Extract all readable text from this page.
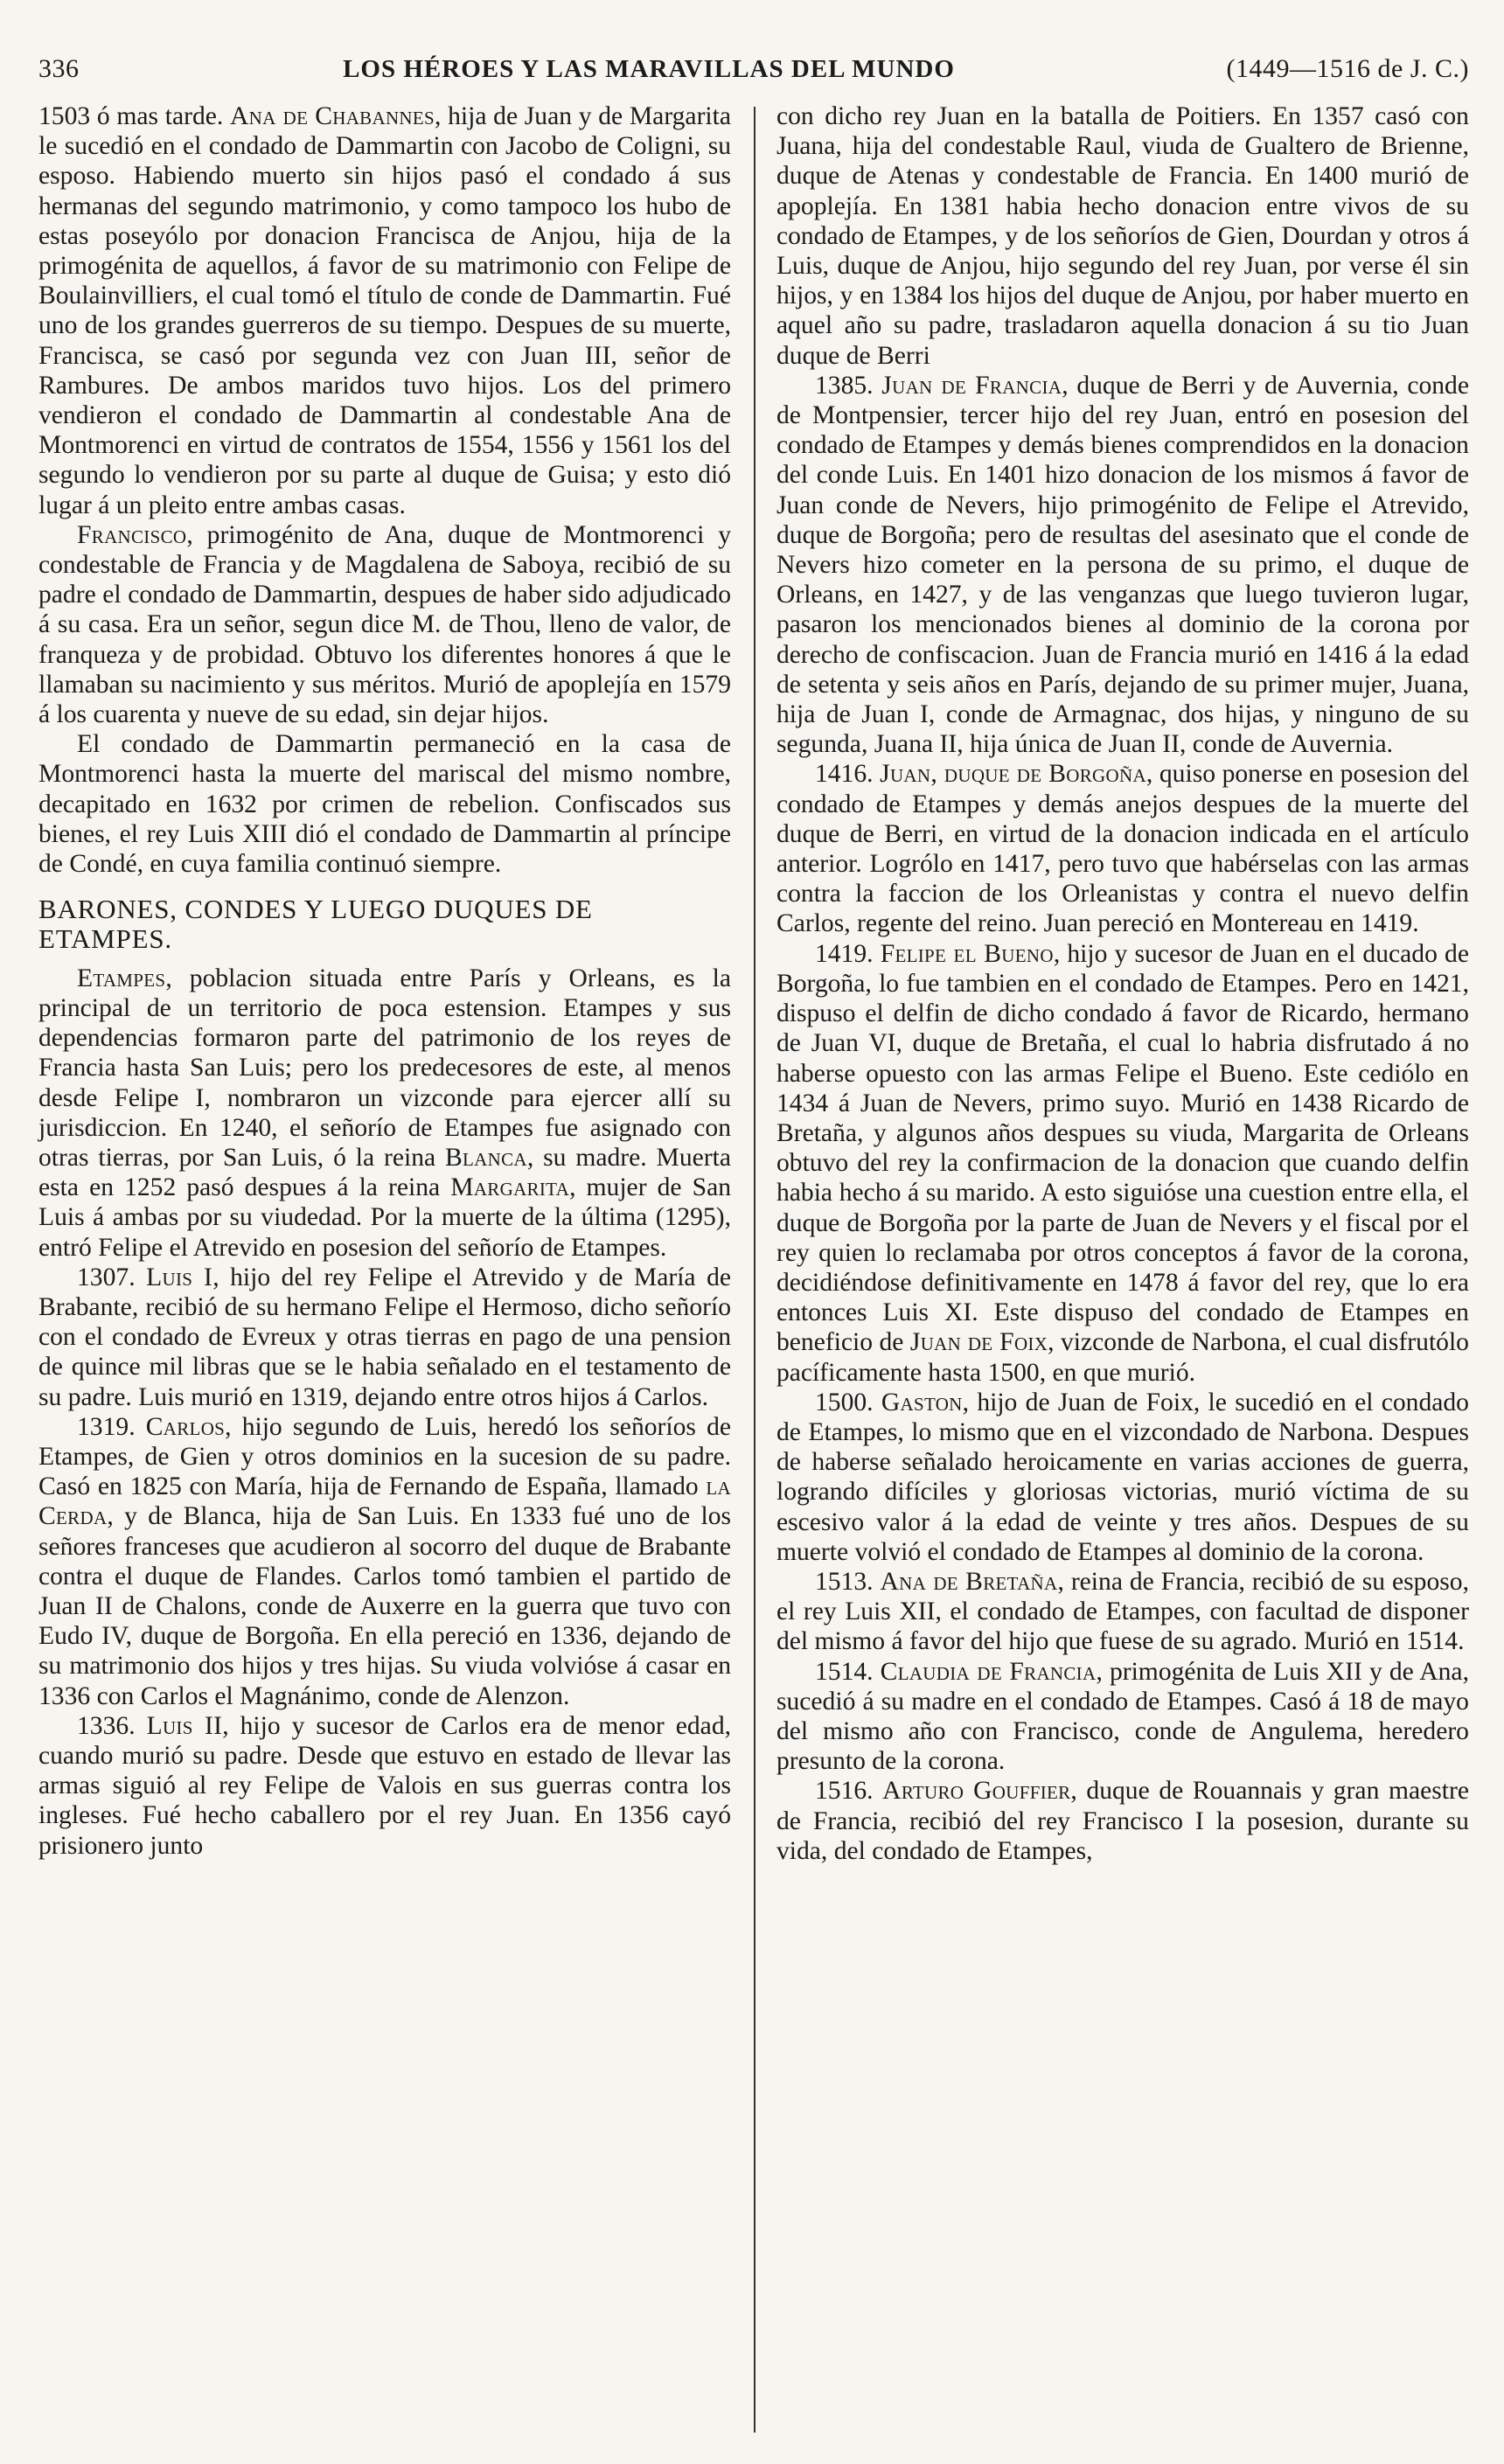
336	LOS HÉROES Y LAS MARAVILLAS DEL MUNDO	(1449—1516 de J. C.)

1503 ó mas tarde. Ana de Chabannes, hija de Juan y de Margarita le sucedió en el condado de Dammartin con Jacobo de Coligni, su esposo. Habiendo muerto sin hijos pasó el condado á sus hermanas del segundo matrimonio, y como tampoco los hubo de estas poseyólo por donacion Francisca de Anjou, hija de la primogénita de aquellos, á favor de su matrimonio con Felipe de Boulainvilliers, el cual tomó el título de conde de Dammartin. Fué uno de los grandes guerreros de su tiempo. Despues de su muerte, Francisca, se casó por segunda vez con Juan III, señor de Rambures. De ambos maridos tuvo hijos. Los del primero vendieron el condado de Dammartin al condestable Ana de Montmorenci en virtud de contratos de 1554, 1556 y 1561 los del segundo lo vendieron por su parte al duque de Guisa; y esto dió lugar á un pleito entre ambas casas.

Francisco, primogénito de Ana, duque de Montmorenci y condestable de Francia y de Magdalena de Saboya, recibió de su padre el condado de Dammartin, despues de haber sido adjudicado á su casa. Era un señor, segun dice M. de Thou, lleno de valor, de franqueza y de probidad. Obtuvo los diferentes honores á que le llamaban su nacimiento y sus méritos. Murió de apoplejía en 1579 á los cuarenta y nueve de su edad, sin dejar hijos.

El condado de Dammartin permaneció en la casa de Montmorenci hasta la muerte del mariscal del mismo nombre, decapitado en 1632 por crimen de rebelion. Confiscados sus bienes, el rey Luis XIII dió el condado de Dammartin al príncipe de Condé, en cuya familia continuó siempre.

BARONES, CONDES Y LUEGO DUQUES DE ETAMPES.

Etampes, poblacion situada entre París y Orleans, es la principal de un territorio de poca estension. Etampes y sus dependencias formaron parte del patrimonio de los reyes de Francia hasta San Luis; pero los predecesores de este, al menos desde Felipe I, nombraron un vizconde para ejercer allí su jurisdiccion. En 1240, el señorío de Etampes fue asignado con otras tierras, por San Luis, ó la reina Blanca, su madre. Muerta esta en 1252 pasó despues á la reina Margarita, mujer de San Luis á ambas por su viudedad. Por la muerte de la última (1295), entró Felipe el Atrevido en posesion del señorío de Etampes.

1307. Luis I, hijo del rey Felipe el Atrevido y de María de Brabante, recibió de su hermano Felipe el Hermoso, dicho señorío con el condado de Evreux y otras tierras en pago de una pension de quince mil libras que se le habia señalado en el testamento de su padre. Luis murió en 1319, dejando entre otros hijos á Carlos.

1319. Carlos, hijo segundo de Luis, heredó los señoríos de Etampes, de Gien y otros dominios en la sucesion de su padre. Casó en 1825 con María, hija de Fernando de España, llamado la Cerda, y de Blanca, hija de San Luis. En 1333 fué uno de los señores franceses que acudieron al socorro del duque de Brabante contra el duque de Flandes. Carlos tomó tambien el partido de Juan II de Chalons, conde de Auxerre en la guerra que tuvo con Eudo IV, duque de Borgoña. En ella pereció en 1336, dejando de su matrimonio dos hijos y tres hijas. Su viuda volvióse á casar en 1336 con Carlos el Magnánimo, conde de Alenzon.

1336. Luis II, hijo y sucesor de Carlos era de menor edad, cuando murió su padre. Desde que estuvo en estado de llevar las armas siguió al rey Felipe de Valois en sus guerras contra los ingleses. Fué hecho caballero por el rey Juan. En 1356 cayó prisionero junto

con dicho rey Juan en la batalla de Poitiers. En 1357 casó con Juana, hija del condestable Raul, viuda de Gualtero de Brienne, duque de Atenas y condestable de Francia. En 1400 murió de apoplejía. En 1381 habia hecho donacion entre vivos de su condado de Etampes, y de los señoríos de Gien, Dourdan y otros á Luis, duque de Anjou, hijo segundo del rey Juan, por verse él sin hijos, y en 1384 los hijos del duque de Anjou, por haber muerto en aquel año su padre, trasladaron aquella donacion á su tio Juan duque de Berri

1385. Juan de Francia, duque de Berri y de Auvernia, conde de Montpensier, tercer hijo del rey Juan, entró en posesion del condado de Etampes y demás bienes comprendidos en la donacion del conde Luis. En 1401 hizo donacion de los mismos á favor de Juan conde de Nevers, hijo primogénito de Felipe el Atrevido, duque de Borgoña; pero de resultas del asesinato que el conde de Nevers hizo cometer en la persona de su primo, el duque de Orleans, en 1427, y de las venganzas que luego tuvieron lugar, pasaron los mencionados bienes al dominio de la corona por derecho de confiscacion. Juan de Francia murió en 1416 á la edad de setenta y seis años en París, dejando de su primer mujer, Juana, hija de Juan I, conde de Armagnac, dos hijas, y ninguno de su segunda, Juana II, hija única de Juan II, conde de Auvernia.

1416. Juan, duque de Borgoña, quiso ponerse en posesion del condado de Etampes y demás anejos despues de la muerte del duque de Berri, en virtud de la donacion indicada en el artículo anterior. Logrólo en 1417, pero tuvo que habérselas con las armas contra la faccion de los Orleanistas y contra el nuevo delfin Carlos, regente del reino. Juan pereció en Montereau en 1419.

1419. Felipe el Bueno, hijo y sucesor de Juan en el ducado de Borgoña, lo fue tambien en el condado de Etampes. Pero en 1421, dispuso el delfin de dicho condado á favor de Ricardo, hermano de Juan VI, duque de Bretaña, el cual lo habria disfrutado á no haberse opuesto con las armas Felipe el Bueno. Este cediólo en 1434 á Juan de Nevers, primo suyo. Murió en 1438 Ricardo de Bretaña, y algunos años despues su viuda, Margarita de Orleans obtuvo del rey la confirmacion de la donacion que cuando delfin habia hecho á su marido. A esto siguióse una cuestion entre ella, el duque de Borgoña por la parte de Juan de Nevers y el fiscal por el rey quien lo reclamaba por otros conceptos á favor de la corona, decidiéndose definitivamente en 1478 á favor del rey, que lo era entonces Luis XI. Este dispuso del condado de Etampes en beneficio de Juan de Foix, vizconde de Narbona, el cual disfrutólo pacíficamente hasta 1500, en que murió.

1500. Gaston, hijo de Juan de Foix, le sucedió en el condado de Etampes, lo mismo que en el vizcondado de Narbona. Despues de haberse señalado heroicamente en varias acciones de guerra, logrando difíciles y gloriosas victorias, murió víctima de su escesivo valor á la edad de veinte y tres años. Despues de su muerte volvió el condado de Etampes al dominio de la corona.

1513. Ana de Bretaña, reina de Francia, recibió de su esposo, el rey Luis XII, el condado de Etampes, con facultad de disponer del mismo á favor del hijo que fuese de su agrado. Murió en 1514.

1514. Claudia de Francia, primogénita de Luis XII y de Ana, sucedió á su madre en el condado de Etampes. Casó á 18 de mayo del mismo año con Francisco, conde de Angulema, heredero presunto de la corona.

1516. Arturo Gouffier, duque de Rouannais y gran maestre de Francia, recibió del rey Francisco I la posesion, durante su vida, del condado de Etampes,
